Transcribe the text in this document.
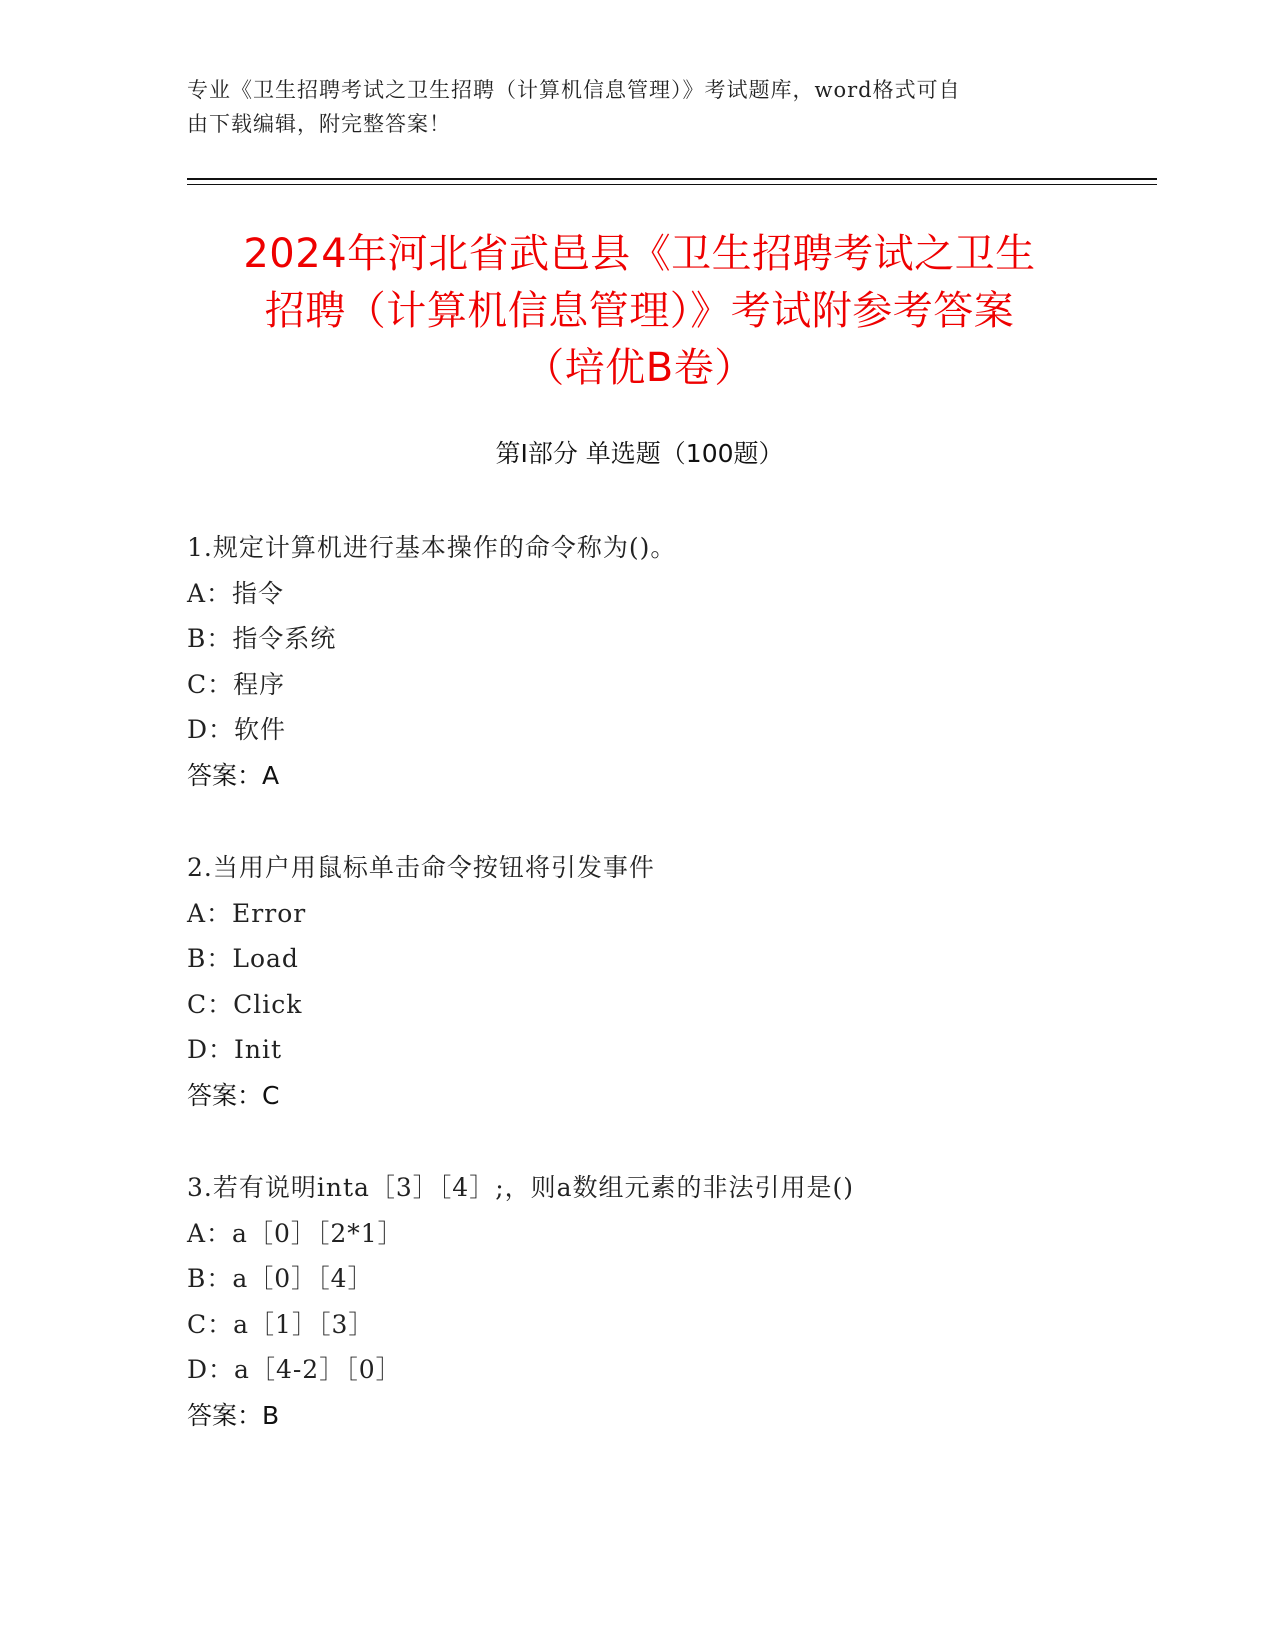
专业《卫生招聘考试之卫生招聘（计算机信息管理）》考试题库，word格式可自
由下载编辑，附完整答案！
2024年河北省武邑县《卫生招聘考试之卫生
招聘（计算机信息管理）》考试附参考答案
（培优B卷）
第Ⅰ部分 单选题（100题）
1.规定计算机进行基本操作的命令称为()。
A：指令
B：指令系统
C：程序
D：软件
答案：A
2.当用户用鼠标单击命令按钮将引发事件
A：Error
B：Load
C：Click
D：Init
答案：C
3.若有说明inta［3］［4］;，则a数组元素的非法引用是()
A：a［0］［2*1］
B：a［0］［4］
C：a［1］［3］
D：a［4-2］［0］
答案：B
